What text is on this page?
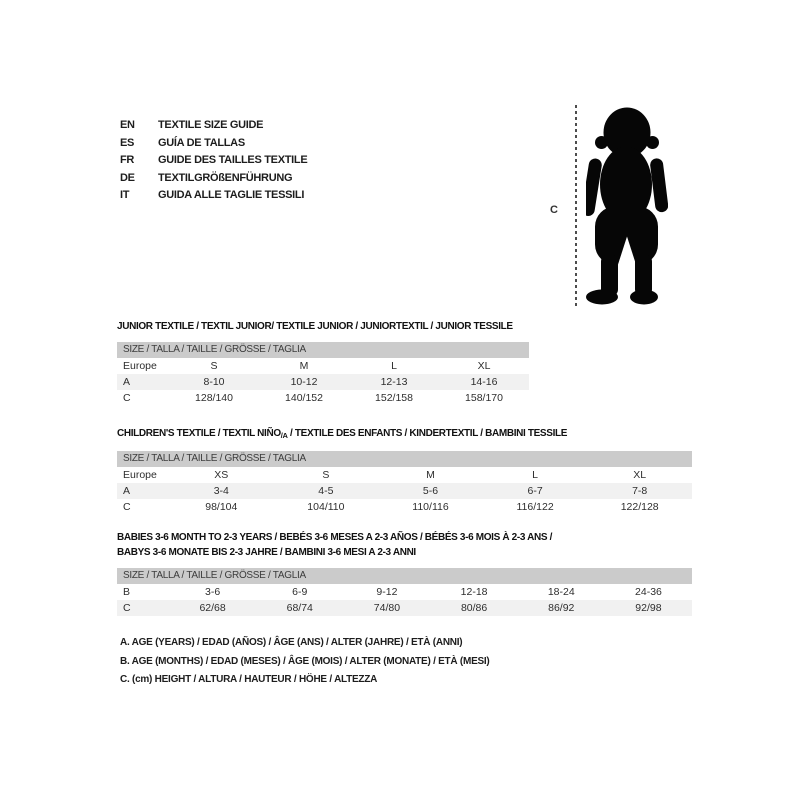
EN	TEXTILE SIZE GUIDE
ES	GUÍA DE TALLAS
FR	GUIDE DES TAILLES TEXTILE
DE	TEXTILGRÖßENFÜHRUNG
IT	GUIDA ALLE TAGLIE TESSILI
C
JUNIOR TEXTILE / TEXTIL JUNIOR/ TEXTILE JUNIOR / JUNIORTEXTIL / JUNIOR TESSILE
SIZE / TALLA / TAILLE / GRÖSSE / TAGLIA
Europe	S	M	L	XL
A	8-10	10-12	12-13	14-16
C	128/140	140/152	152/158	158/170
CHILDREN'S TEXTILE / TEXTIL $NIÑO_{/A}$ / TEXTILE DES ENFANTS / KINDERTEXTIL / BAMBINI TESSILE
SIZE / TALLA / TAILLE / GRÖSSE / TAGLIA
Europe	XS	S	M	L	XL
A	3-4	4-5	5-6	6-7	7-8
C	98/104	104/110	110/116	116/122	122/128
BABIES 3-6 MONTH TO 2-3 YEARS / BEBÉS 3-6 MESES A 2-3 AÑOS / BÉBÉS 3-6 MOIS À 2-3 ANS /
BABYS 3-6 MONATE BIS 2-3 JAHRE / BAMBINI 3-6 MESI A 2-3 ANNI
SIZE / TALLA / TAILLE / GRÖSSE / TAGLIA
B	3-6	6-9	9-12	12-18	18-24	24-36
C	62/68	68/74	74/80	80/86	86/92	92/98
A. AGE (YEARS) / EDAD (AÑOS) / ÂGE (ANS) / ALTER (JAHRE) / ETÀ (ANNI)
B. AGE (MONTHS) / EDAD (MESES) / ÂGE (MOIS) / ALTER (MONATE) / ETÀ (MESI)
C. (cm) HEIGHT / ALTURA / HAUTEUR / HÖHE / ALTEZZA
